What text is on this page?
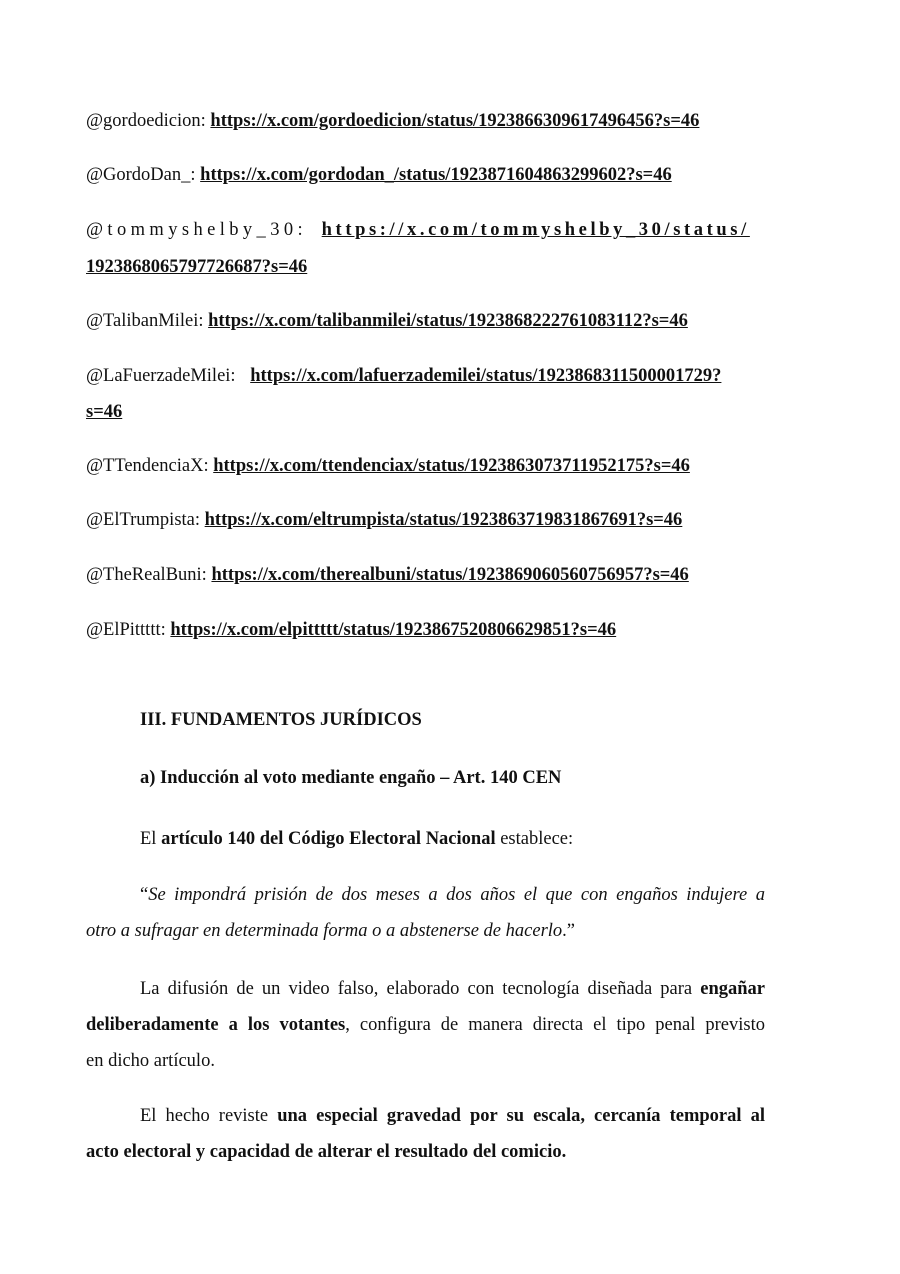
@gordoedicion: https://x.com/gordoedicion/status/1923866309617496456?s=46
@GordoDan_: https://x.com/gordodan_/status/1923871604863299602?s=46
@tommyshelby_30: https://x.com/tommyshelby_30/status/
1923868065797726687?s=46
@TalibanMilei: https://x.com/talibanmilei/status/1923868222761083112?s=46
@LaFuerzadeMilei: https://x.com/lafuerzademilei/status/1923868311500001729?
s=46
@TTendenciaX: https://x.com/ttendenciax/status/1923863073711952175?s=46
@ElTrumpista: https://x.com/eltrumpista/status/1923863719831867691?s=46
@TheRealBuni: https://x.com/therealbuni/status/1923869060560756957?s=46
@ElPittttt: https://x.com/elpittttt/status/1923867520806629851?s=46
III. FUNDAMENTOS JURÍDICOS
a) Inducción al voto mediante engaño – Art. 140 CEN
El artículo 140 del Código Electoral Nacional establece:
“Se impondrá prisión de dos meses a dos años el que con engaños indujere a
otro a sufragar en determinada forma o a abstenerse de hacerlo.”
La difusión de un video falso, elaborado con tecnología diseñada para engañar
deliberadamente a los votantes, configura de manera directa el tipo penal previsto
en dicho artículo.
El hecho reviste una especial gravedad por su escala, cercanía temporal al
acto electoral y capacidad de alterar el resultado del comicio.
